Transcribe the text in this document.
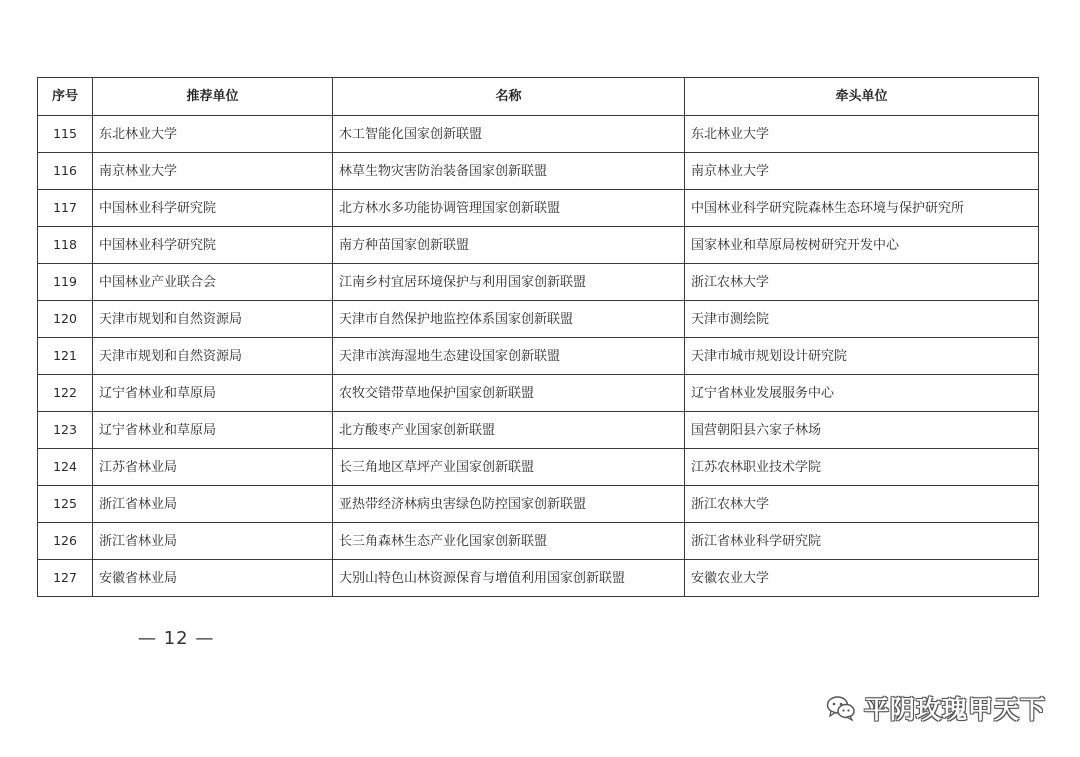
序号	推荐单位	名称	牵头单位
115	东北林业大学	木工智能化国家创新联盟	东北林业大学
116	南京林业大学	林草生物灾害防治装备国家创新联盟	南京林业大学
117	中国林业科学研究院	北方林水多功能协调管理国家创新联盟	中国林业科学研究院森林生态环境与保护研究所
118	中国林业科学研究院	南方种苗国家创新联盟	国家林业和草原局桉树研究开发中心
119	中国林业产业联合会	江南乡村宜居环境保护与利用国家创新联盟	浙江农林大学
120	天津市规划和自然资源局	天津市自然保护地监控体系国家创新联盟	天津市测绘院
121	天津市规划和自然资源局	天津市滨海湿地生态建设国家创新联盟	天津市城市规划设计研究院
122	辽宁省林业和草原局	农牧交错带草地保护国家创新联盟	辽宁省林业发展服务中心
123	辽宁省林业和草原局	北方酸枣产业国家创新联盟	国营朝阳县六家子林场
124	江苏省林业局	长三角地区草坪产业国家创新联盟	江苏农林职业技术学院
125	浙江省林业局	亚热带经济林病虫害绿色防控国家创新联盟	浙江农林大学
126	浙江省林业局	长三角森林生态产业化国家创新联盟	浙江省林业科学研究院
127	安徽省林业局	大别山特色山林资源保育与增值利用国家创新联盟	安徽农业大学
— 12 —
平阴玫瑰甲天下
